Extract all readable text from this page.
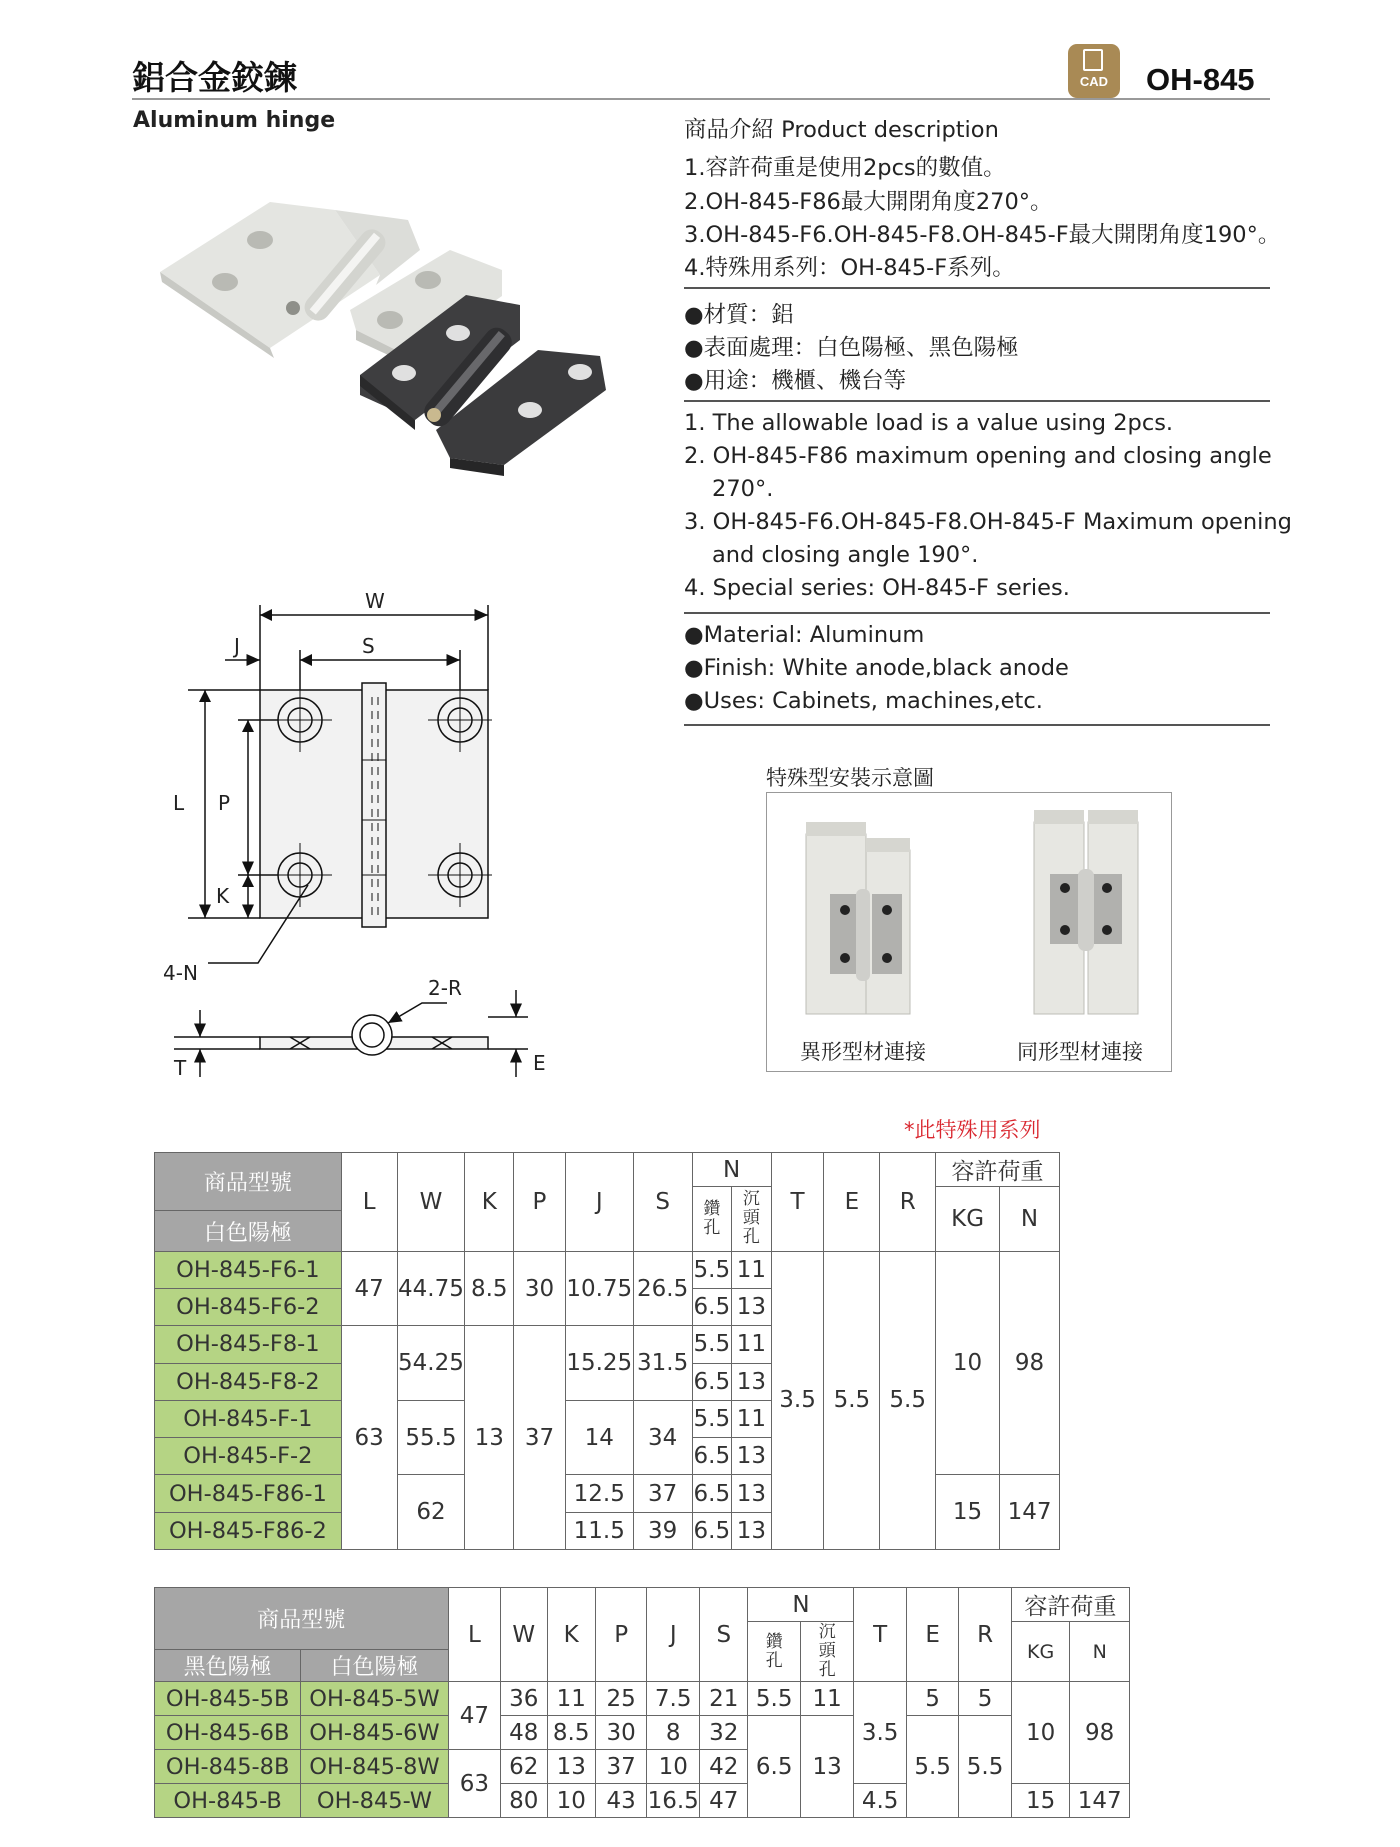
鋁合金鉸鍊
Aluminum hinge
CAD	OH-845
W
J	S
L P
K
4-N
2-R
T	E
商品介紹 Product description
1.容許荷重是使用2pcs的數值。
2.OH-845-F86最大開閉角度270°。
3.OH-845-F6.OH-845-F8.OH-845-F最大開閉角度190°。
4.特殊用系列：OH-845-F系列。
●材質：鋁
●表面處理：白色陽極、黑色陽極
●用途：機櫃、機台等
1. The allowable load is a value using 2pcs.
2. OH-845-F86 maximum opening and closing angle
270°.
3. OH-845-F6.OH-845-F8.OH-845-F Maximum opening
and closing angle 190°.
4. Special series: OH-845-F series.
●Material: Aluminum
●Finish: White anode,black anode
●Uses: Cabinets, machines,etc.
特殊型安裝示意圖
異形型材連接	同形型材連接
*此特殊用系列
商品型號	L	W	K	P	J	S	N		T	E	R	容許荷重	
							鑽
孔	沉
頭
孔				KG	N
白色陽極													
OH-845-F6-1	47	44.75	8.5	30	10.75	26.5	5.5	11	3.5	5.5	5.5	10	98
OH-845-F6-2							6.5	13					
OH-845-F8-1	63	54.25	13	37	15.25	31.5	5.5	11					
OH-845-F8-2							6.5	13					
OH-845-F-1		55.5			14	34	5.5	11					
OH-845-F-2							6.5	13					
OH-845-F86-1		62			12.5	37	6.5	13				15	147
OH-845-F86-2					11.5	39	6.5	13					
商品型號		L	W	K	P	J	S	N		T	E	R	容許荷重	
								鑽
孔	沉
頭
孔				KG	N
黑色陽極	白色陽極													
OH-845-5B	OH-845-5W	47	36	11	25	7.5	21	5.5	11	3.5	5	5	10	98
OH-845-6B	OH-845-6W		48	8.5	30	8	32	6.5	13		5.5	5.5		
OH-845-8B	OH-845-8W	63	62	13	37	10	42							
OH-845-B	OH-845-W		80	10	43	16.5	47			4.5			15	147
